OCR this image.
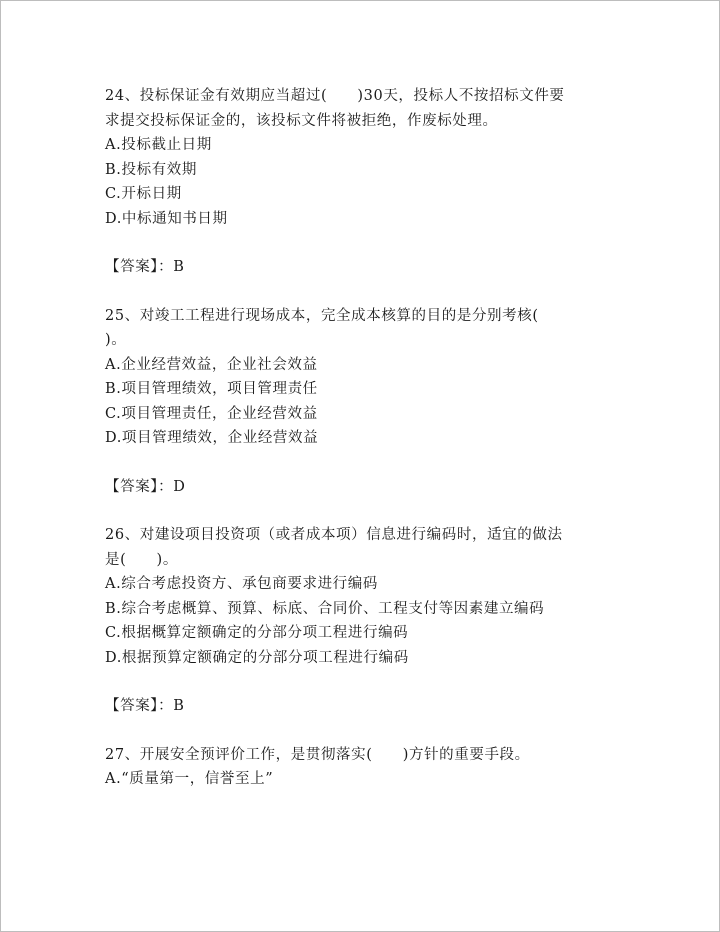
24、投标保证金有效期应当超过(　　)30天，投标人不按招标文件要
求提交投标保证金的，该投标文件将被拒绝，作废标处理。
A.投标截止日期
B.投标有效期
C.开标日期
D.中标通知书日期
【答案】：B
25、对竣工工程进行现场成本，完全成本核算的目的是分别考核(
)。
A.企业经营效益，企业社会效益
B.项目管理绩效，项目管理责任
C.项目管理责任，企业经营效益
D.项目管理绩效，企业经营效益
【答案】：D
26、对建设项目投资项（或者成本项）信息进行编码时，适宜的做法
是(　　)。
A.综合考虑投资方、承包商要求进行编码
B.综合考虑概算、预算、标底、合同价、工程支付等因素建立编码
C.根据概算定额确定的分部分项工程进行编码
D.根据预算定额确定的分部分项工程进行编码
【答案】：B
27、开展安全预评价工作，是贯彻落实(　　)方针的重要手段。
A.“质量第一，信誉至上”
